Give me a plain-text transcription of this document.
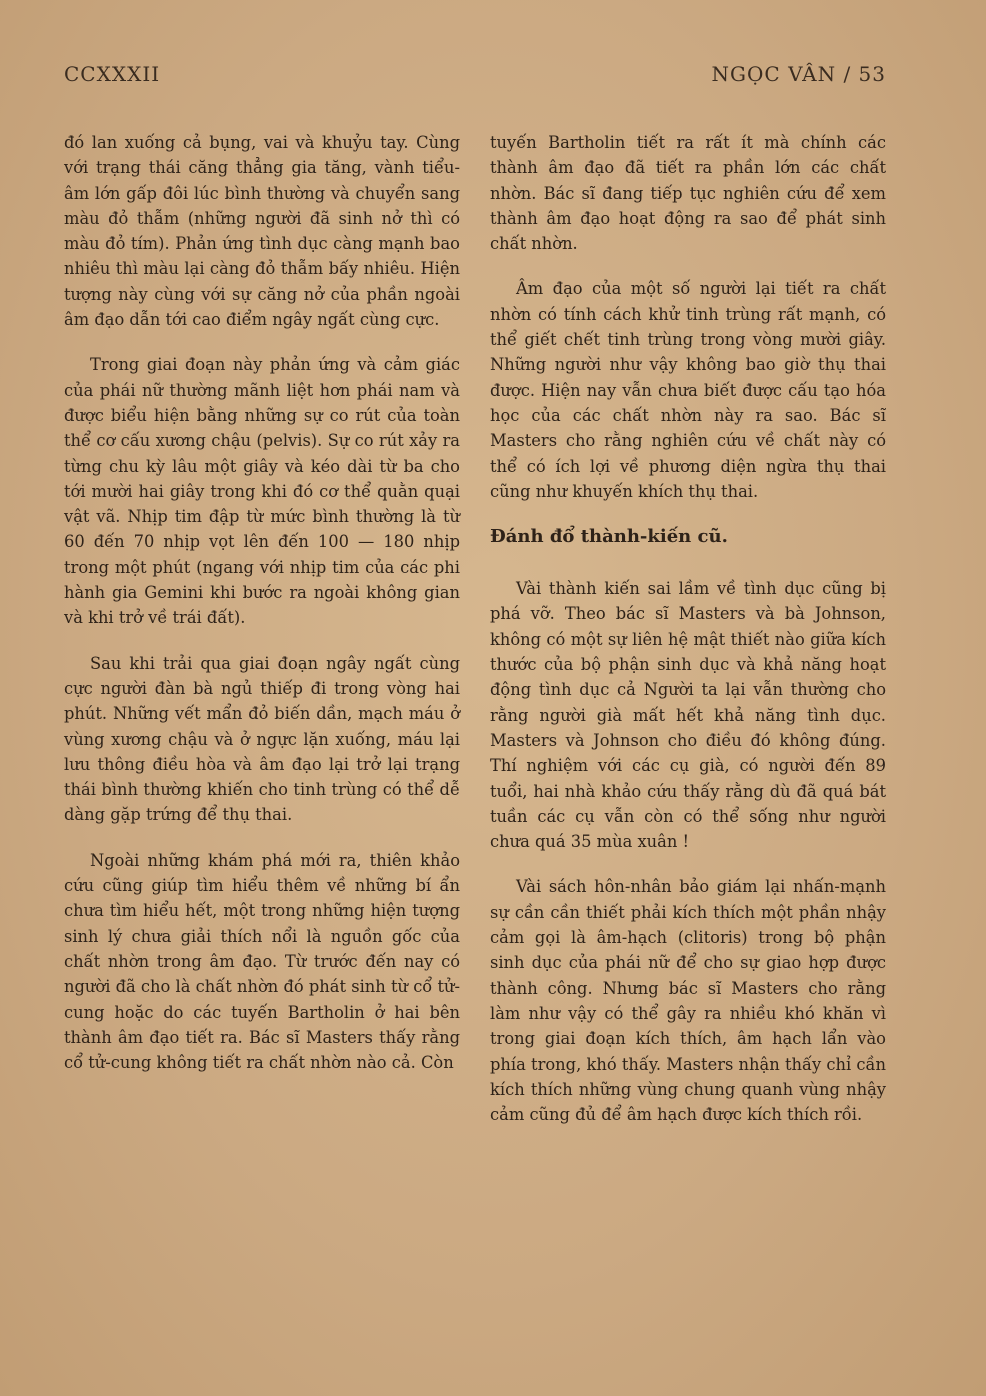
CCXXXII	NGỌC VÂN / 53

đó lan xuống cả bụng, vai và khuỷu tay. Cùng với trạng thái căng thẳng gia tăng, vành tiểu-âm lớn gấp đôi lúc bình thường và chuyển sang màu đỏ thẫm (những người đã sinh nở thì có màu đỏ tím). Phản ứng tình dục càng mạnh bao nhiêu thì màu lại càng đỏ thẫm bấy nhiêu. Hiện tượng này cùng với sự căng nở của phần ngoài âm đạo dẫn tới cao điểm ngây ngất cùng cực.

Trong giai đoạn này phản ứng và cảm giác của phái nữ thường mãnh liệt hơn phái nam và được biểu hiện bằng những sự co rút của toàn thể cơ cấu xương chậu (pelvis). Sự co rút xảy ra từng chu kỳ lâu một giây và kéo dài từ ba cho tới mười hai giây trong khi đó cơ thể quằn quại vật vã. Nhịp tim đập từ mức bình thường là từ 60 đến 70 nhịp vọt lên đến 100 — 180 nhịp trong một phút (ngang với nhịp tim của các phi hành gia Gemini khi bước ra ngoài không gian và khi trở về trái đất).

Sau khi trải qua giai đoạn ngây ngất cùng cực người đàn bà ngủ thiếp đi trong vòng hai phút. Những vết mẩn đỏ biến dần, mạch máu ở vùng xương chậu và ở ngực lặn xuống, máu lại lưu thông điều hòa và âm đạo lại trở lại trạng thái bình thường khiến cho tinh trùng có thể dễ dàng gặp trứng để thụ thai.

Ngoài những khám phá mới ra, thiên khảo cứu cũng giúp tìm hiểu thêm về những bí ẩn chưa tìm hiểu hết, một trong những hiện tượng sinh lý chưa giải thích nổi là nguồn gốc của chất nhờn trong âm đạo. Từ trước đến nay có người đã cho là chất nhờn đó phát sinh từ cổ tử-cung hoặc do các tuyến Bartholin ở hai bên thành âm đạo tiết ra. Bác sĩ Masters thấy rằng cổ tử-cung không tiết ra chất nhờn nào cả. Còn

tuyến Bartholin tiết ra rất ít mà chính các thành âm đạo đã tiết ra phần lớn các chất nhờn. Bác sĩ đang tiếp tục nghiên cứu để xem thành âm đạo hoạt động ra sao để phát sinh chất nhờn.

Âm đạo của một số người lại tiết ra chất nhờn có tính cách khử tinh trùng rất mạnh, có thể giết chết tinh trùng trong vòng mười giây. Những người như vậy không bao giờ thụ thai được. Hiện nay vẫn chưa biết được cấu tạo hóa học của các chất nhờn này ra sao. Bác sĩ Masters cho rằng nghiên cứu về chất này có thể có ích lợi về phương diện ngừa thụ thai cũng như khuyến khích thụ thai.

Đánh đổ thành-kiến cũ.

Vài thành kiến sai lầm về tình dục cũng bị phá vỡ. Theo bác sĩ Masters và bà Johnson, không có một sự liên hệ mật thiết nào giữa kích thước của bộ phận sinh dục và khả năng hoạt động tình dục cả Người ta lại vẫn thường cho rằng người già mất hết khả năng tình dục. Masters và Johnson cho điều đó không đúng. Thí nghiệm với các cụ già, có người đến 89 tuổi, hai nhà khảo cứu thấy rằng dù đã quá bát tuần các cụ vẫn còn có thể sống như người chưa quá 35 mùa xuân !

Vài sách hôn-nhân bảo giám lại nhấn-mạnh sự cần cần thiết phải kích thích một phần nhậy cảm gọi là âm-hạch (clitoris) trong bộ phận sinh dục của phái nữ để cho sự giao hợp được thành công. Nhưng bác sĩ Masters cho rằng làm như vậy có thể gây ra nhiều khó khăn vì trong giai đoạn kích thích, âm hạch lẩn vào phía trong, khó thấy. Masters nhận thấy chỉ cần kích thích những vùng chung quanh vùng nhậy cảm cũng đủ để âm hạch được kích thích rồi.
